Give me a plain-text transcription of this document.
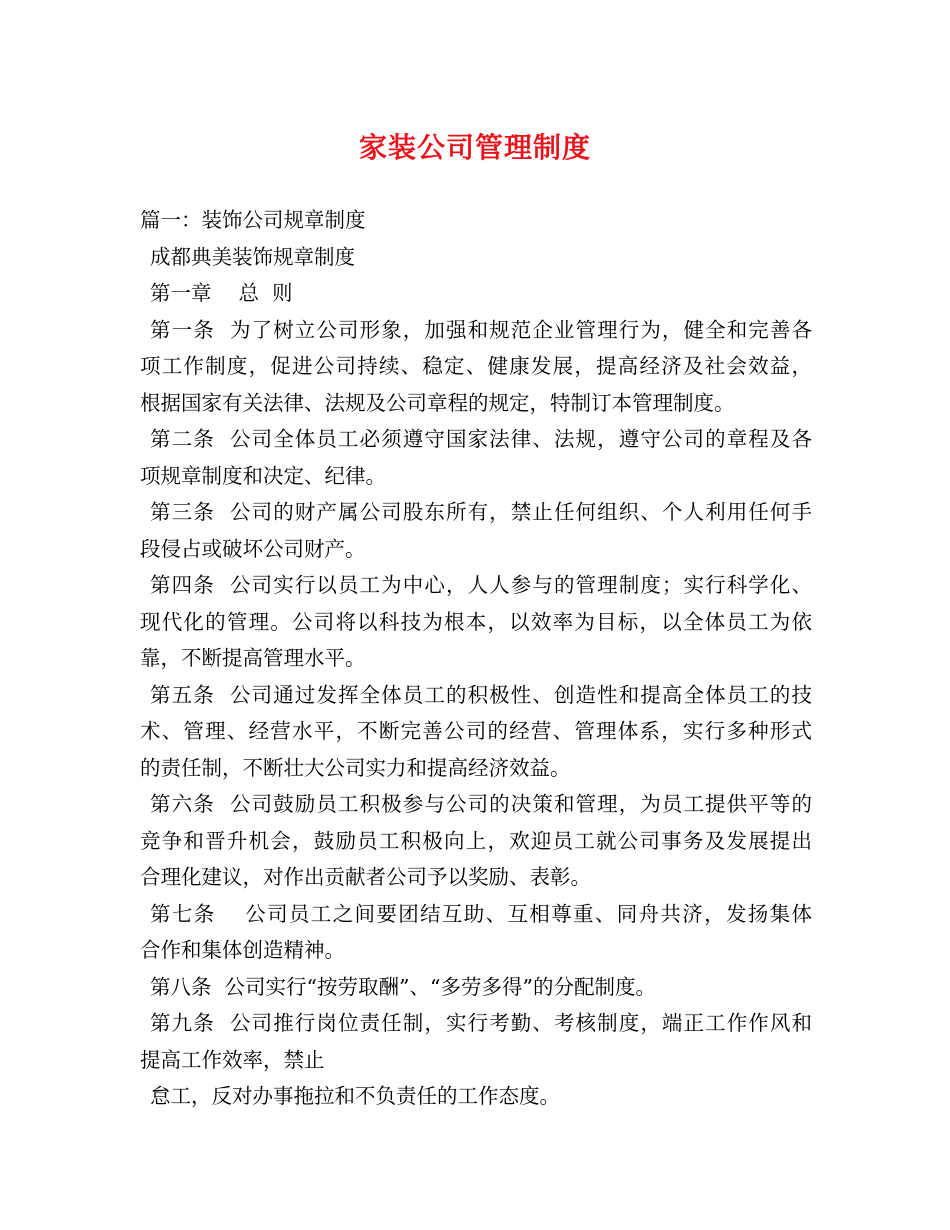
家装公司管理制度
篇一：装饰公司规章制度
成都典美装饰规章制度
第一章　 总  则
第一条  为了树立公司形象，加强和规范企业管理行为，健全和完善各
项工作制度，促进公司持续、稳定、健康发展，提高经济及社会效益，
根据国家有关法律、法规及公司章程的规定，特制订本管理制度。
第二条  公司全体员工必须遵守国家法律、法规，遵守公司的章程及各
项规章制度和决定、纪律。
第三条  公司的财产属公司股东所有，禁止任何组织、个人利用任何手
段侵占或破坏公司财产。
第四条  公司实行以员工为中心，人人参与的管理制度；实行科学化、
现代化的管理。公司将以科技为根本，以效率为目标，以全体员工为依
靠，不断提高管理水平。
第五条  公司通过发挥全体员工的积极性、创造性和提高全体员工的技
术、管理、经营水平，不断完善公司的经营、管理体系，实行多种形式
的责任制，不断壮大公司实力和提高经济效益。
第六条  公司鼓励员工积极参与公司的决策和管理，为员工提供平等的
竞争和晋升机会，鼓励员工积极向上，欢迎员工就公司事务及发展提出
合理化建议，对作出贡献者公司予以奖励、表彰。
第七条　 公司员工之间要团结互助、互相尊重、同舟共济，发扬集体
合作和集体创造精神。
第八条  公司实行“按劳取酬”、“多劳多得”的分配制度。
第九条  公司推行岗位责任制，实行考勤、考核制度，端正工作作风和
提高工作效率，禁止
怠工，反对办事拖拉和不负责任的工作态度。
